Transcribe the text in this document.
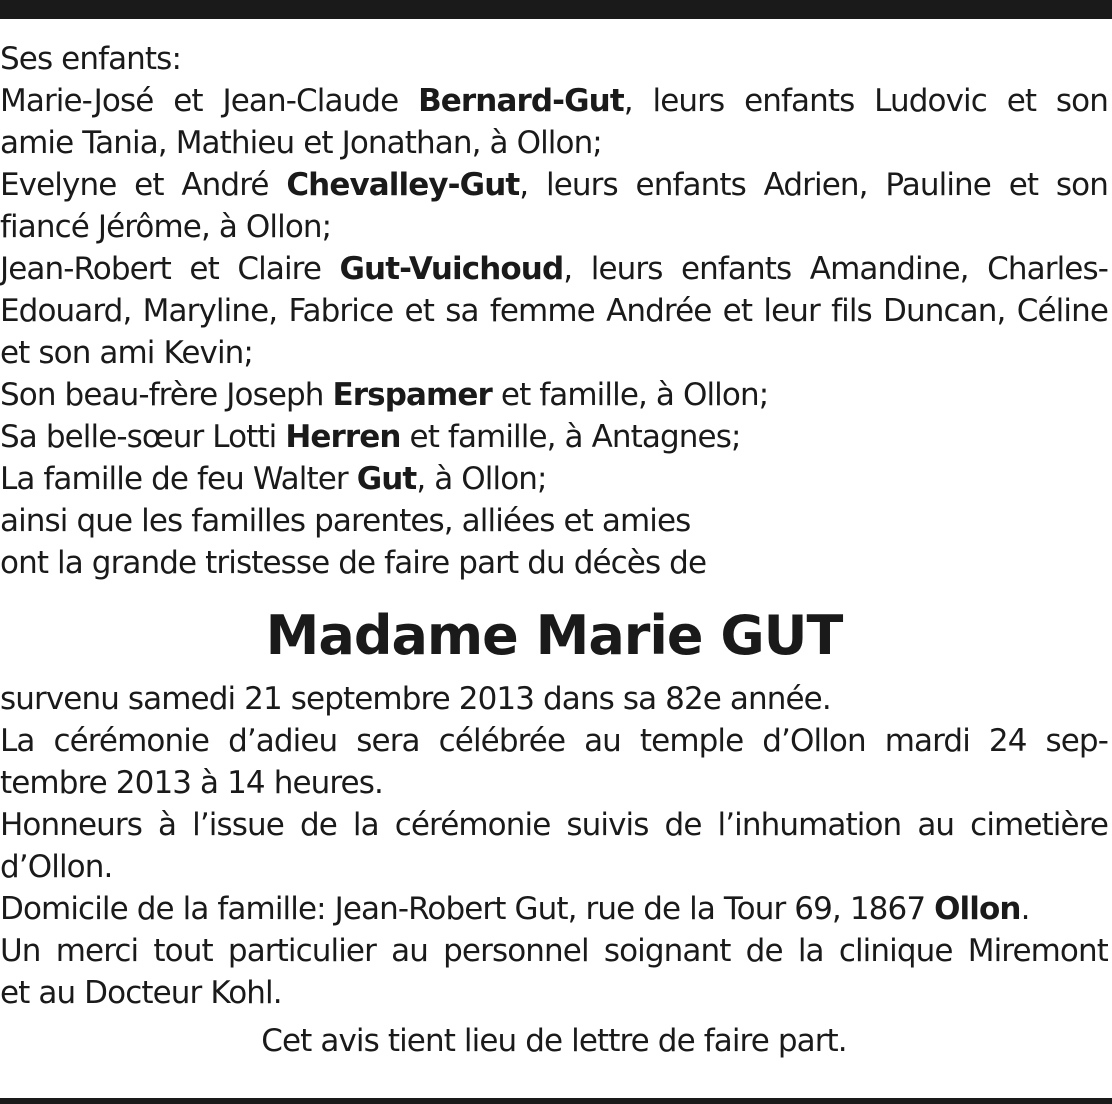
Ses enfants:
Marie-José et Jean-Claude Bernard-Gut, leurs enfants Ludovic et son
amie Tania, Mathieu et Jonathan, à Ollon;
Evelyne et André Chevalley-Gut, leurs enfants Adrien, Pauline et son
fiancé Jérôme, à Ollon;
Jean-Robert et Claire Gut-Vuichoud, leurs enfants Amandine, Charles-
Edouard, Maryline, Fabrice et sa femme Andrée et leur fils Duncan, Céline
et son ami Kevin;
Son beau-frère Joseph Erspamer et famille, à Ollon;
Sa belle-sœur Lotti Herren et famille, à Antagnes;
La famille de feu Walter Gut, à Ollon;
ainsi que les familles parentes, alliées et amies
ont la grande tristesse de faire part du décès de
Madame Marie GUT
survenu samedi 21 septembre 2013 dans sa 82e année.
La cérémonie d’adieu sera célébrée au temple d’Ollon mardi 24 sep-
tembre 2013 à 14 heures.
Honneurs à l’issue de la cérémonie suivis de l’inhumation au cimetière
d’Ollon.
Domicile de la famille: Jean-Robert Gut, rue de la Tour 69, 1867 Ollon.
Un merci tout particulier au personnel soignant de la clinique Miremont
et au Docteur Kohl.
Cet avis tient lieu de lettre de faire part.
